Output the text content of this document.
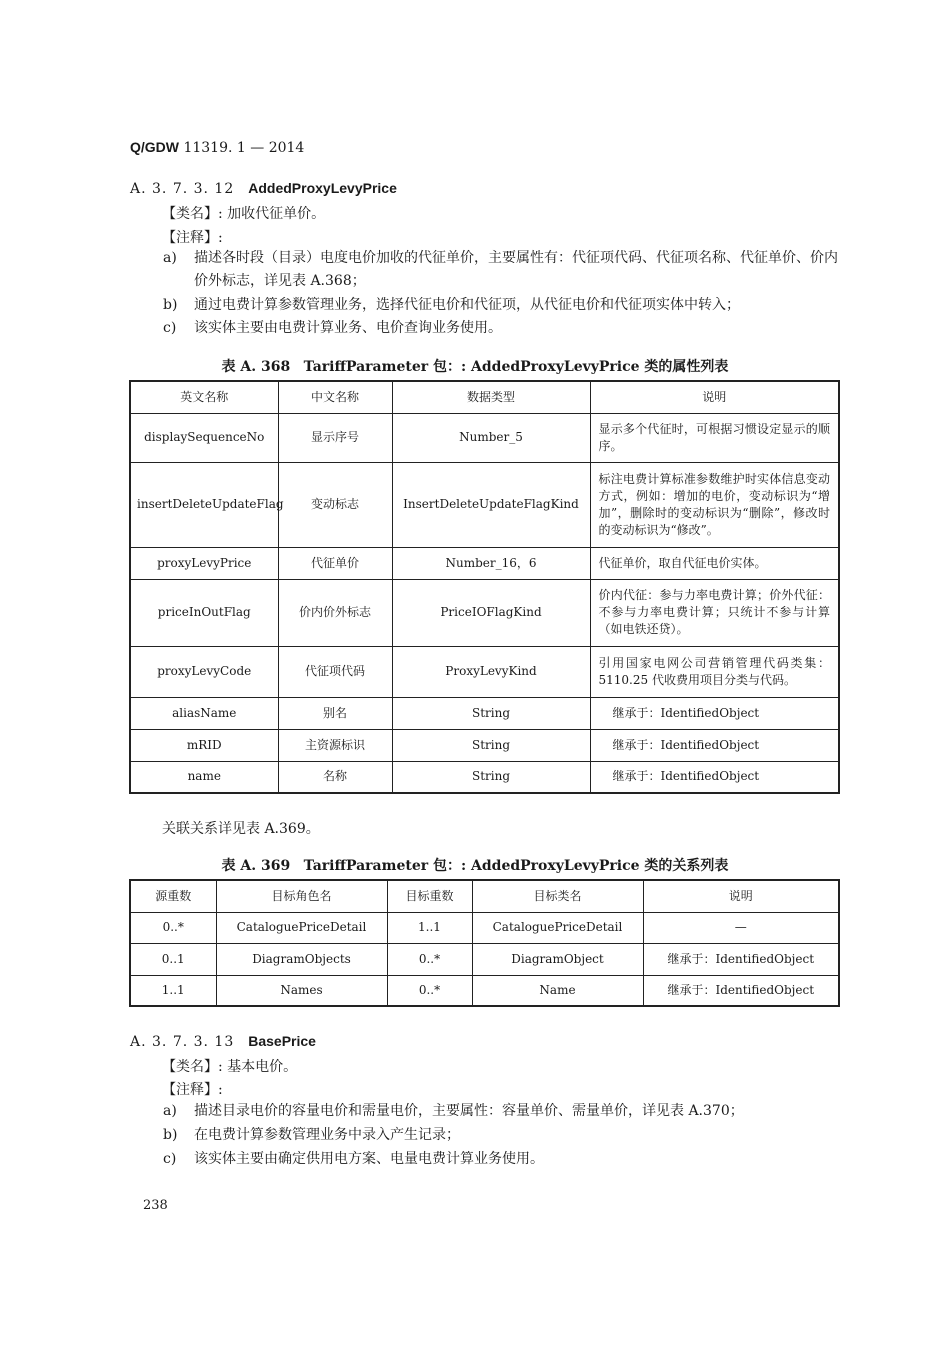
Q/GDW 11319. 1 — 2014
A. 3. 7. 3. 12 AddedProxyLevyPrice
【类名】: 加收代征单价。
【注释】:
a) 描述各时段（目录）电度电价加收的代征单价，主要属性有：代征项代码、代征项名称、代征单价、价内价外标志，详见表 A.368；
b) 通过电费计算参数管理业务，选择代征电价和代征项，从代征电价和代征项实体中转入；
c) 该实体主要由电费计算业务、电价查询业务使用。
表 A. 368 TariffParameter 包：: AddedProxyLevyPrice 类的属性列表
英文名称	中文名称	数据类型	说明
displaySequenceNo	显示序号	Number_5	显示多个代征时，可根据习惯设定显示的顺序。
insertDeleteUpdateFlag	变动标志	InsertDeleteUpdateFlagKind	标注电费计算标准参数维护时实体信息变动方式，例如：增加的电价，变动标识为“增加”，删除时的变动标识为“删除”，修改时的变动标识为“修改”。
proxyLevyPrice	代征单价	Number_16，6	代征单价，取自代征电价实体。
priceInOutFlag	价内价外标志	PriceIOFlagKind	价内代征：参与力率电费计算；价外代征：不参与力率电费计算；只统计不参与计算（如电铁还贷）。
proxyLevyCode	代征项代码	ProxyLevyKind	引用国家电网公司营销管理代码类集：5110.25 代收费用项目分类与代码。
aliasName	别名	String	继承于：IdentifiedObject
mRID	主资源标识	String	继承于：IdentifiedObject
name	名称	String	继承于：IdentifiedObject
关联关系详见表 A.369。
表 A. 369 TariffParameter 包：: AddedProxyLevyPrice 类的关系列表
源重数	目标角色名	目标重数	目标类名	说明
0..*	CataloguePriceDetail	1..1	CataloguePriceDetail	—
0..1	DiagramObjects	0..*	DiagramObject	继承于：IdentifiedObject
1..1	Names	0..*	Name	继承于：IdentifiedObject
A. 3. 7. 3. 13 BasePrice
【类名】: 基本电价。
【注释】:
a) 描述目录电价的容量电价和需量电价，主要属性：容量单价、需量单价，详见表 A.370；
b) 在电费计算参数管理业务中录入产生记录；
c) 该实体主要由确定供用电方案、电量电费计算业务使用。
238
